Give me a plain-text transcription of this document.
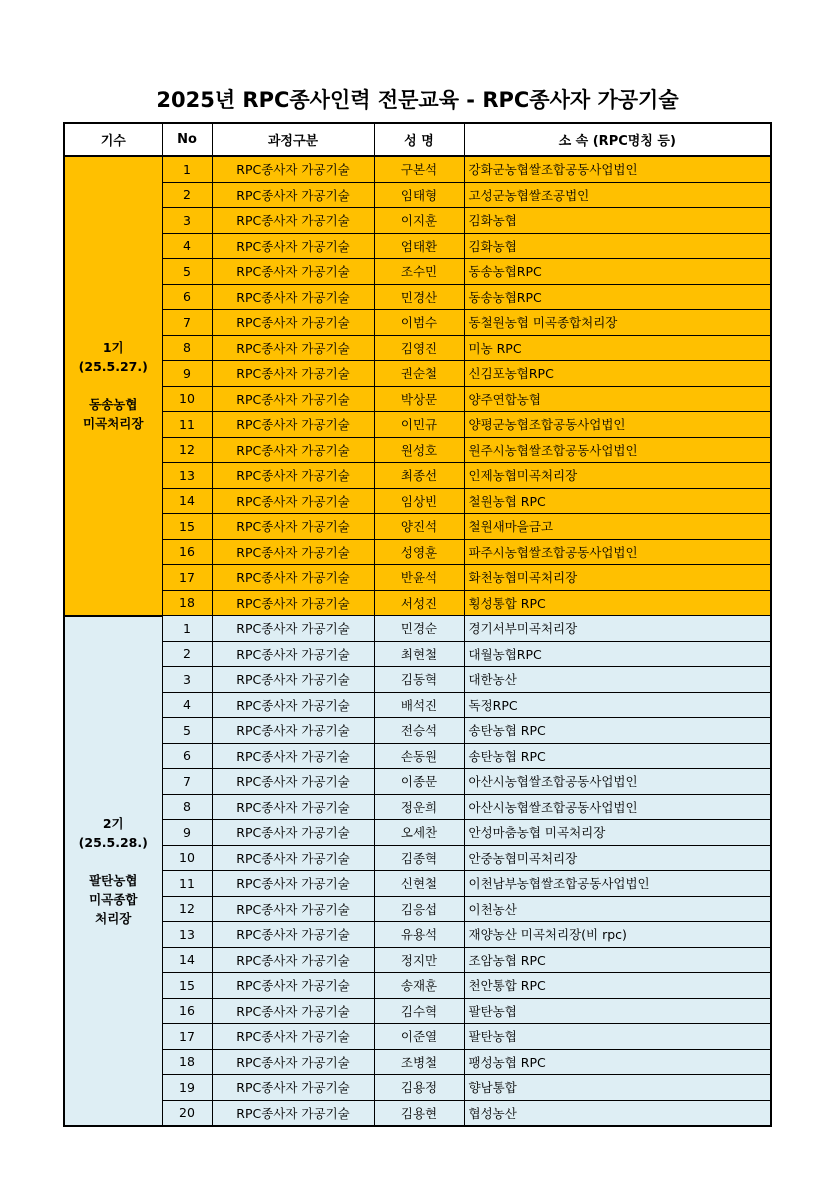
2025년 RPC종사인력 전문교육 - RPC종사자 가공기술
기수	No	과정구분	성 명	소 속 (RPC명칭 등)

1기
(25.5.27.)
동송농협
미곡처리장	1	RPC종사자 가공기술	구본석	강화군농협쌀조합공동사업법인
	2	RPC종사자 가공기술	임태형	고성군농협쌀조공법인
	3	RPC종사자 가공기술	이지훈	김화농협
	4	RPC종사자 가공기술	엄태환	김화농협
	5	RPC종사자 가공기술	조수민	동송농협RPC
	6	RPC종사자 가공기술	민경산	동송농협RPC
	7	RPC종사자 가공기술	이범수	동철원농협 미곡종합처리장
	8	RPC종사자 가공기술	김영진	미농 RPC
	9	RPC종사자 가공기술	권순철	신김포농협RPC
	10	RPC종사자 가공기술	박상문	양주연합농협
	11	RPC종사자 가공기술	이민규	양평군농협조합공동사업법인
	12	RPC종사자 가공기술	원성호	원주시농협쌀조합공동사업법인
	13	RPC종사자 가공기술	최종선	인제농협미곡처리장
	14	RPC종사자 가공기술	임상빈	철원농협 RPC
	15	RPC종사자 가공기술	양진석	철원새마을금고
	16	RPC종사자 가공기술	성영훈	파주시농협쌀조합공동사업법인
	17	RPC종사자 가공기술	반윤석	화천농협미곡처리장
	18	RPC종사자 가공기술	서성진	횡성통합 RPC

2기
(25.5.28.)
팔탄농협
미곡종합
처리장	1	RPC종사자 가공기술	민경순	경기서부미곡처리장
	2	RPC종사자 가공기술	최현철	대월농협RPC
	3	RPC종사자 가공기술	김동혁	대한농산
	4	RPC종사자 가공기술	배석진	독정RPC
	5	RPC종사자 가공기술	전승석	송탄농협 RPC
	6	RPC종사자 가공기술	손동원	송탄농협 RPC
	7	RPC종사자 가공기술	이종문	아산시농협쌀조합공동사업법인
	8	RPC종사자 가공기술	정운희	아산시농협쌀조합공동사업법인
	9	RPC종사자 가공기술	오세찬	안성마춤농협 미곡처리장
	10	RPC종사자 가공기술	김종혁	안중농협미곡처리장
	11	RPC종사자 가공기술	신현철	이천남부농협쌀조합공동사업법인
	12	RPC종사자 가공기술	김응섭	이천농산
	13	RPC종사자 가공기술	유용석	재양농산 미곡처리장(비 rpc)
	14	RPC종사자 가공기술	정지만	조암농협 RPC
	15	RPC종사자 가공기술	송재훈	천안통합 RPC
	16	RPC종사자 가공기술	김수혁	팔탄농협
	17	RPC종사자 가공기술	이준열	팔탄농협
	18	RPC종사자 가공기술	조병철	팽성농협 RPC
	19	RPC종사자 가공기술	김용정	향남통합
	20	RPC종사자 가공기술	김용현	협성농산
